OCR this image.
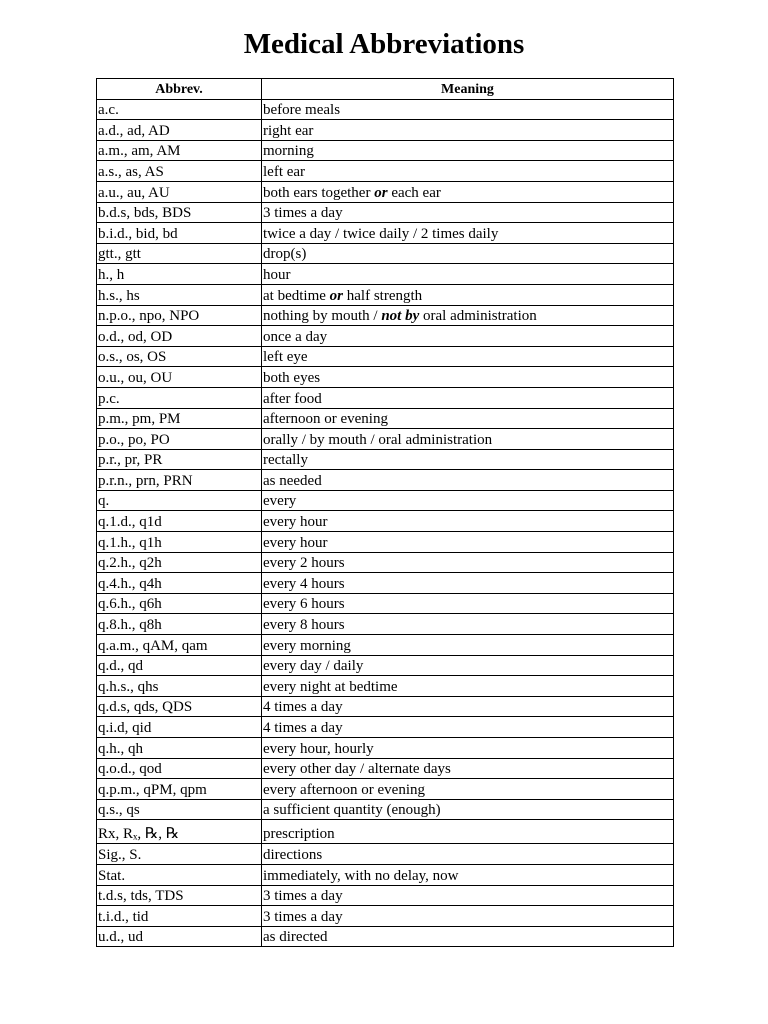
Medical Abbreviations
Abbrev.	Meaning
a.c.	before meals
a.d., ad, AD	right ear
a.m., am, AM	morning
a.s., as, AS	left ear
a.u., au, AU	both ears together or each ear
b.d.s, bds, BDS	3 times a day
b.i.d., bid, bd	twice a day / twice daily / 2 times daily
gtt., gtt	drop(s)
h., h	hour
h.s., hs	at bedtime or half strength
n.p.o., npo, NPO	nothing by mouth / not by oral administration
o.d., od, OD	once a day
o.s., os, OS	left eye
o.u., ou, OU	both eyes
p.c.	after food
p.m., pm, PM	afternoon or evening
p.o., po, PO	orally / by mouth / oral administration
p.r., pr, PR	rectally
p.r.n., prn, PRN	as needed
q.	every
q.1.d., q1d	every hour
q.1.h., q1h	every hour
q.2.h., q2h	every 2 hours
q.4.h., q4h	every 4 hours
q.6.h., q6h	every 6 hours
q.8.h., q8h	every 8 hours
q.a.m., qAM, qam	every morning
q.d., qd	every day / daily
q.h.s., qhs	every night at bedtime
q.d.s, qds, QDS	4 times a day
q.i.d, qid	4 times a day
q.h., qh	every hour, hourly
q.o.d., qod	every other day / alternate days
q.p.m., qPM, qpm	every afternoon or evening
q.s., qs	a sufficient quantity (enough)
Rx, Rₓ, ℞, ℞	prescription
Sig., S.	directions
Stat.	immediately, with no delay, now
t.d.s, tds, TDS	3 times a day
t.i.d., tid	3 times a day
u.d., ud	as directed
